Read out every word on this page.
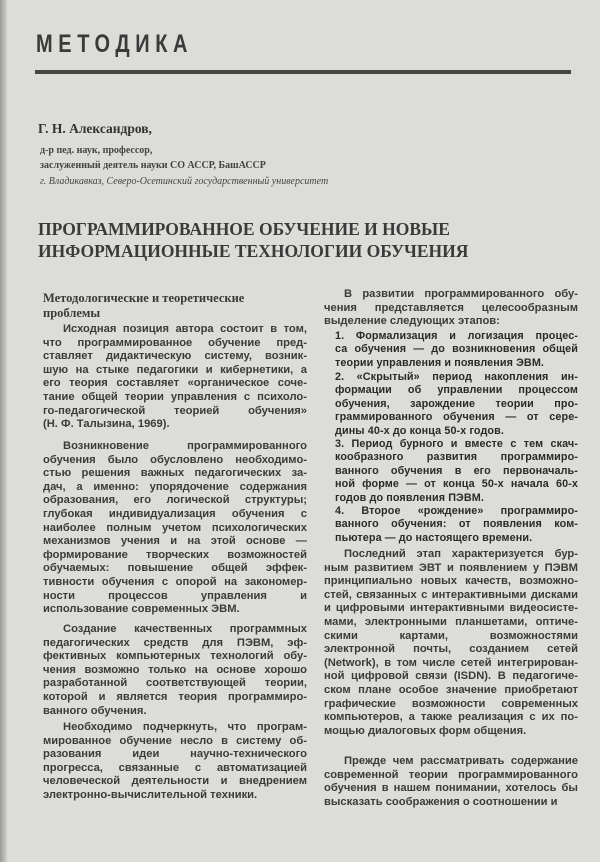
МЕТОДИКА
Г. Н. Александров,
д-р пед. наук, профессор,
заслуженный деятель науки СО АССР, БашАССР
г. Владикавказ, Северо-Осетинский государственный университет
ПРОГРАММИРОВАННОЕ ОБУЧЕНИЕ И НОВЫЕ
ИНФОРМАЦИОННЫЕ ТЕХНОЛОГИИ ОБУЧЕНИЯ
Методологические и теоретические
проблемы
Исходная позиция автора состоит в том,
что программированное обучение пред-
ставляет дидактическую систему, возник-
шую на стыке педагогики и кибернетики, а
его теория составляет «органическое соче-
тание общей теории управления с психоло-
го-педагогической теорией обучения»
(Н. Ф. Талызина, 1969).
Возникновение программированного
обучения было обусловлено необходимо-
стью решения важных педагогических за-
дач, а именно: упорядочение содержания
образования, его логической структуры;
глубокая индивидуализация обучения с
наиболее полным учетом психологических
механизмов учения и на этой основе —
формирование творческих возможностей
обучаемых: повышение общей эффек-
тивности обучения с опорой на закономер-
ности процессов управления и
использование современных ЭВМ.
Создание качественных программных
педагогических средств для ПЭВМ, эф-
фективных компьютерных технологий обу-
чения возможно только на основе хорошо
разработанной соответствующей теории,
которой и является теория программиро-
ванного обучения.
Необходимо подчеркнуть, что програм-
мированное обучение несло в систему об-
разования идеи научно-технического
прогресса, связанные с автоматизацией
человеческой деятельности и внедрением
электронно-вычислительной техники.
В развитии программированного обу-
чения представляется целесообразным
выделение следующих этапов:
1. Формализация и логизация процес-
са обучения — до возникновения общей
теории управления и появления ЭВМ.
2. «Скрытый» период накопления ин-
формации об управлении процессом
обучения, зарождение теории про-
граммированного обучения — от сере-
дины 40-х до конца 50-х годов.
3. Период бурного и вместе с тем скач-
кообразного развития программиро-
ванного обучения в его первоначаль-
ной форме — от конца 50-х начала 60-х
годов до появления ПЭВМ.
4. Второе «рождение» программиро-
ванного обучения: от появления ком-
пьютера — до настоящего времени.
Последний этап характеризуется бур-
ным развитием ЭВТ и появлением у ПЭВМ
принципиально новых качеств, возможно-
стей, связанных с интерактивными дисками
и цифровыми интерактивными видеосисте-
мами, электронными планшетами, оптиче-
скими картами, возможностями
электронной почты, созданием сетей
(Network), в том числе сетей интегрирован-
ной цифровой связи (ISDN). В педагогиче-
ском плане особое значение приобретают
графические возможности современных
компьютеров, а также реализация с их по-
мощью диалоговых форм общения.
Прежде чем рассматривать содержание
современной теории программированного
обучения в нашем понимании, хотелось бы
высказать соображения о соотношении и
